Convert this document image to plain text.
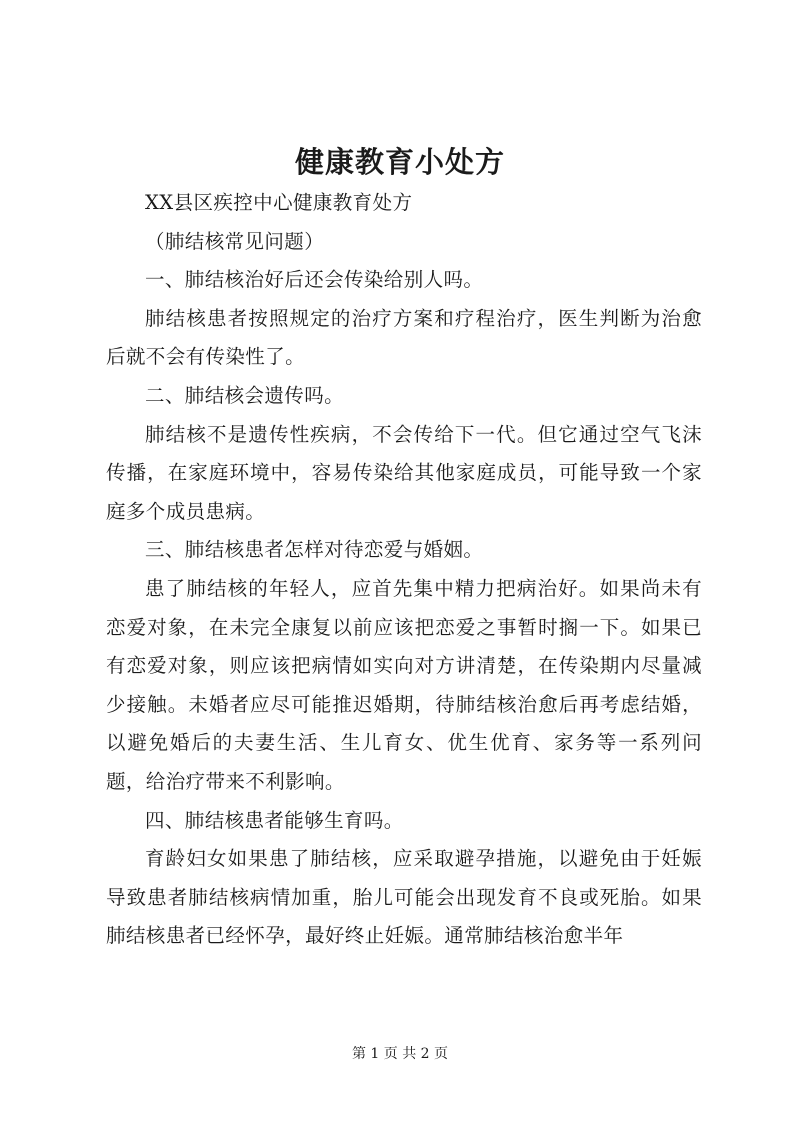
健康教育小处方

XX县区疾控中心健康教育处方

（肺结核常见问题）

一、肺结核治好后还会传染给别人吗。

肺结核患者按照规定的治疗方案和疗程治疗，医生判断为治愈后就不会有传染性了。

二、肺结核会遗传吗。

肺结核不是遗传性疾病，不会传给下一代。但它通过空气飞沫传播，在家庭环境中，容易传染给其他家庭成员，可能导致一个家庭多个成员患病。

三、肺结核患者怎样对待恋爱与婚姻。

患了肺结核的年轻人，应首先集中精力把病治好。如果尚未有恋爱对象，在未完全康复以前应该把恋爱之事暂时搁一下。如果已有恋爱对象，则应该把病情如实向对方讲清楚，在传染期内尽量减少接触。未婚者应尽可能推迟婚期，待肺结核治愈后再考虑结婚，以避免婚后的夫妻生活、生儿育女、优生优育、家务等一系列问题，给治疗带来不利影响。

四、肺结核患者能够生育吗。

育龄妇女如果患了肺结核，应采取避孕措施，以避免由于妊娠导致患者肺结核病情加重，胎儿可能会出现发育不良或死胎。如果肺结核患者已经怀孕，最好终止妊娠。通常肺结核治愈半年

第 1 页 共 2 页
